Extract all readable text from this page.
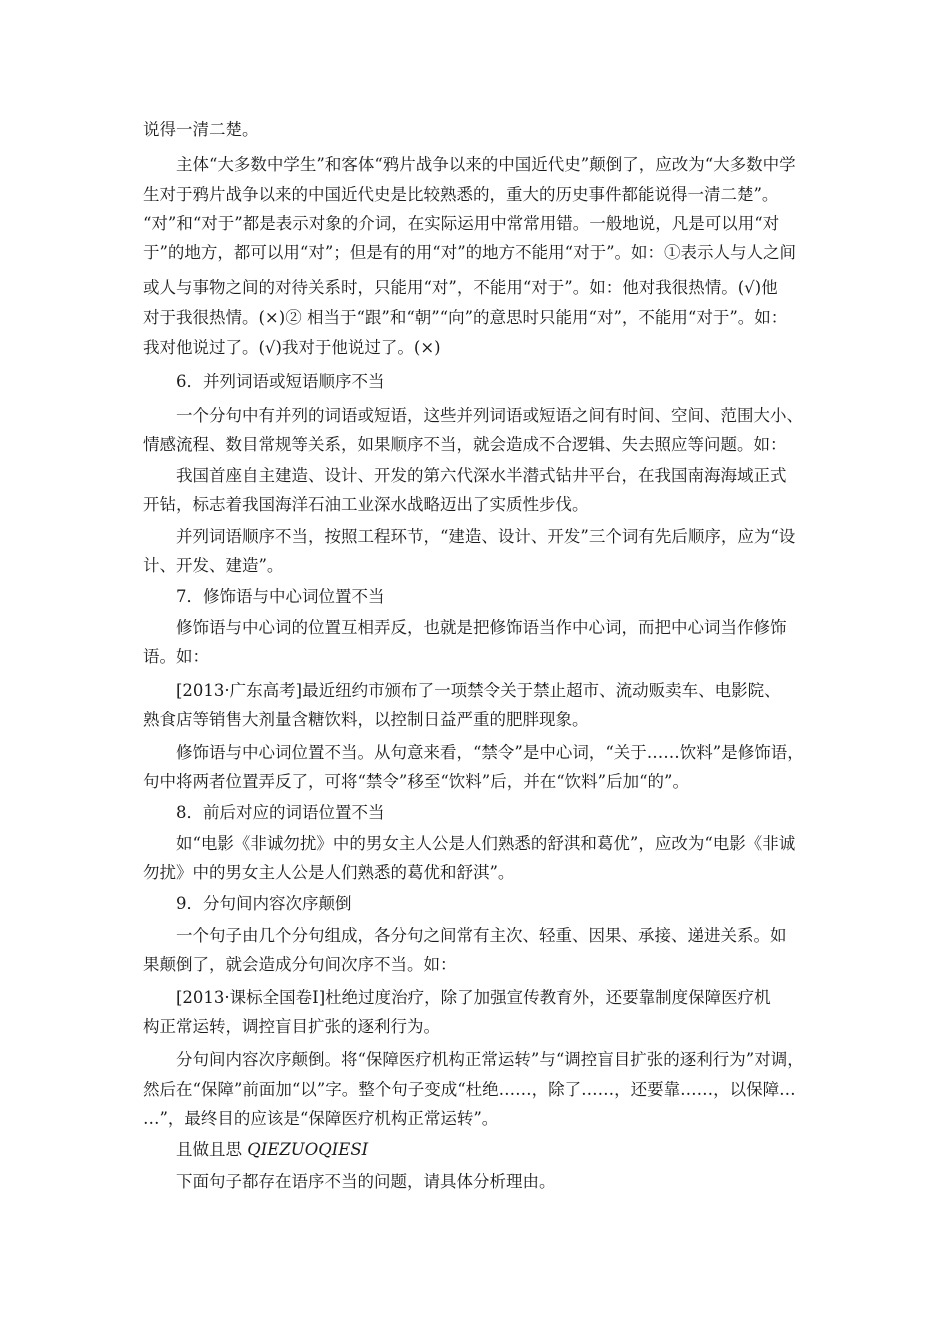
说得一清二楚。
主体“大多数中学生”和客体“鸦片战争以来的中国近代史”颠倒了，应改为“大多数中学
生对于鸦片战争以来的中国近代史是比较熟悉的，重大的历史事件都能说得一清二楚”。
“对”和“对于”都是表示对象的介词，在实际运用中常常用错。一般地说，凡是可以用“对
于”的地方，都可以用“对”；但是有的用“对”的地方不能用“对于”。如：①表示人与人之间
或人与事物之间的对待关系时，只能用“对”，不能用“对于”。如：他对我很热情。(√)他
对于我很热情。(×)② 相当于“跟”和“朝”“向”的意思时只能用“对”，不能用“对于”。如：
我对他说过了。(√)我对于他说过了。(×)
6．并列词语或短语顺序不当
一个分句中有并列的词语或短语，这些并列词语或短语之间有时间、空间、范围大小、
情感流程、数目常规等关系，如果顺序不当，就会造成不合逻辑、失去照应等问题。如：
我国首座自主建造、设计、开发的第六代深水半潜式钻井平台，在我国南海海域正式
开钻，标志着我国海洋石油工业深水战略迈出了实质性步伐。
并列词语顺序不当，按照工程环节，“建造、设计、开发”三个词有先后顺序，应为“设
计、开发、建造”。
7．修饰语与中心词位置不当
修饰语与中心词的位置互相弄反，也就是把修饰语当作中心词，而把中心词当作修饰
语。如：
[2013·广东高考]最近纽约市颁布了一项禁令关于禁止超市、流动贩卖车、电影院、
熟食店等销售大剂量含糖饮料，以控制日益严重的肥胖现象。
修饰语与中心词位置不当。从句意来看，“禁令”是中心词，“关于……饮料”是修饰语，
句中将两者位置弄反了，可将“禁令”移至“饮料”后，并在“饮料”后加“的”。
8．前后对应的词语位置不当
如“电影《非诚勿扰》中的男女主人公是人们熟悉的舒淇和葛优”，应改为“电影《非诚
勿扰》中的男女主人公是人们熟悉的葛优和舒淇”。
9．分句间内容次序颠倒
一个句子由几个分句组成，各分句之间常有主次、轻重、因果、承接、递进关系。如
果颠倒了，就会造成分句间次序不当。如：
[2013·课标全国卷Ⅰ]杜绝过度治疗，除了加强宣传教育外，还要靠制度保障医疗机
构正常运转，调控盲目扩张的逐利行为。
分句间内容次序颠倒。将“保障医疗机构正常运转”与“调控盲目扩张的逐利行为”对调，
然后在“保障”前面加“以”字。整个句子变成“杜绝……，除了……，还要靠……，以保障…
…”，最终目的应该是“保障医疗机构正常运转”。
且做且思 QIEZUOQIESI
下面句子都存在语序不当的问题，请具体分析理由。
